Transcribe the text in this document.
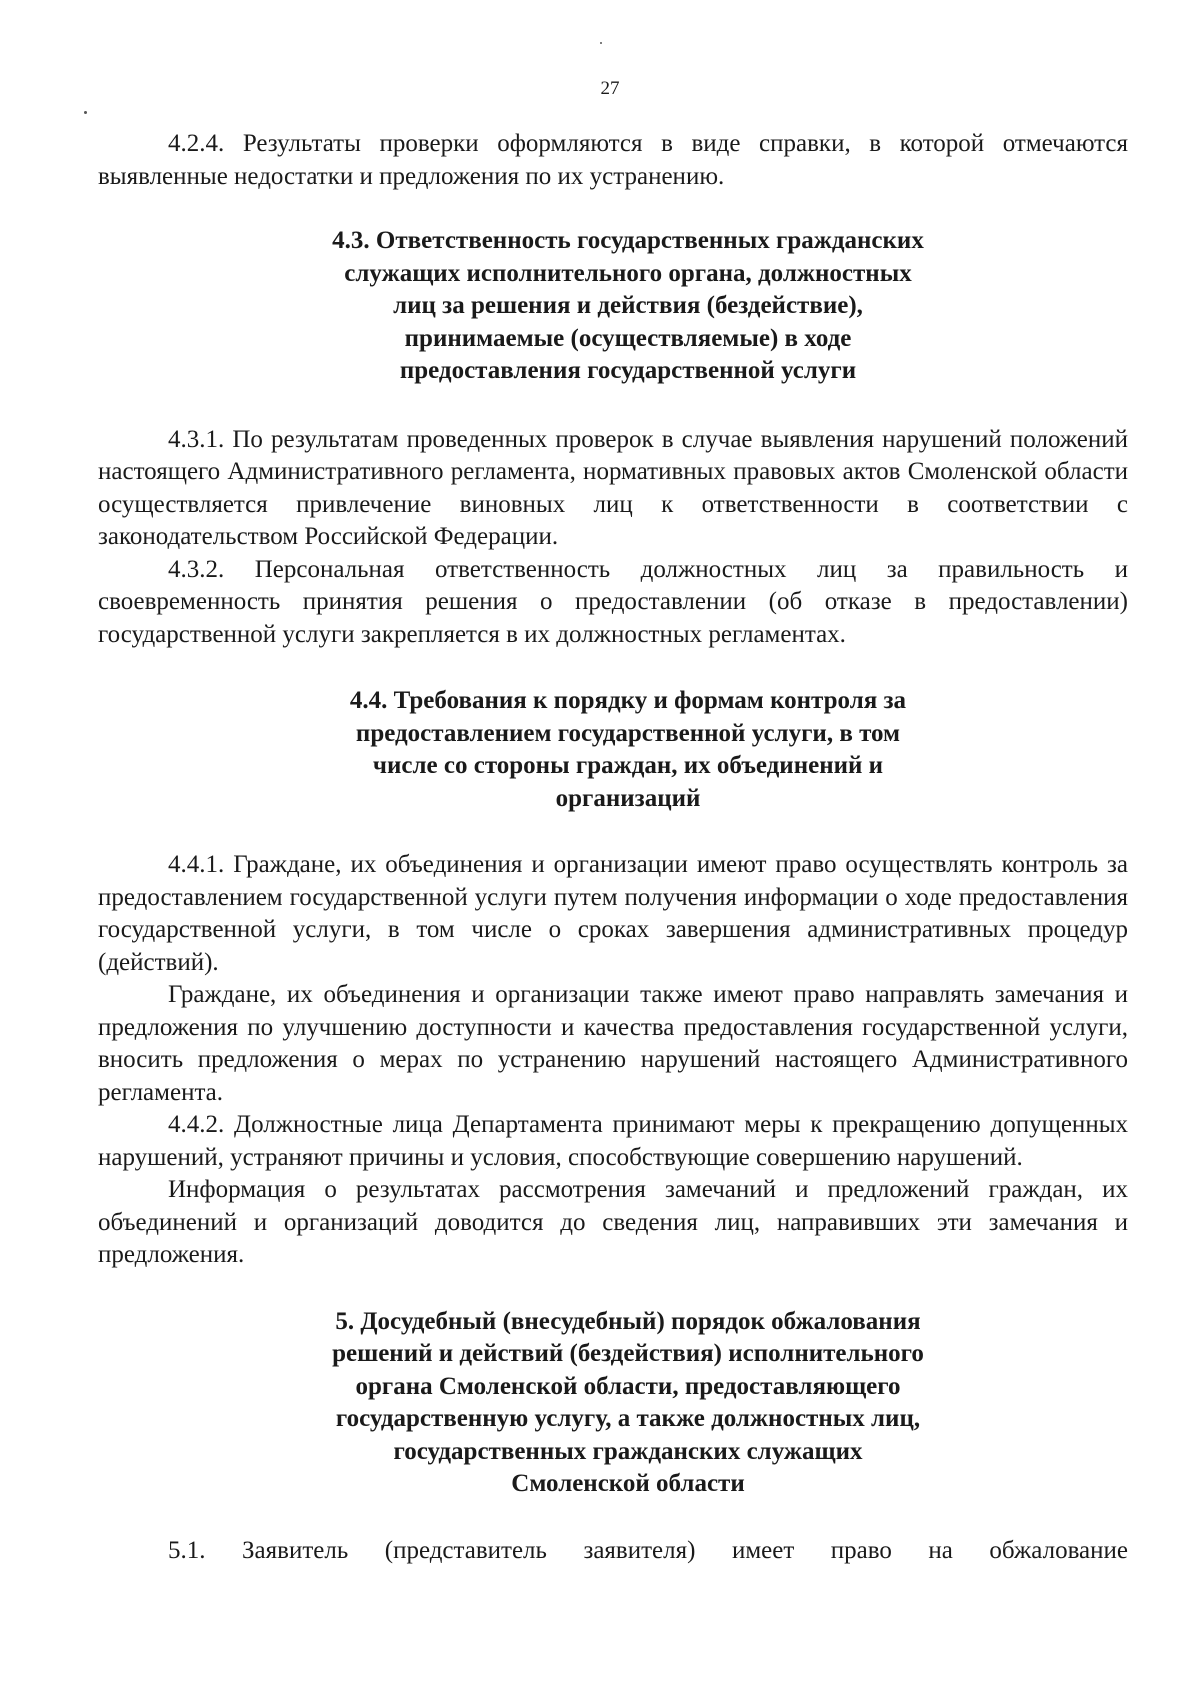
27

4.2.4. Результаты проверки оформляются в виде справки, в которой отмечаются выявленные недостатки и предложения по их устранению.

4.3. Ответственность государственных гражданских
служащих исполнительного органа, должностных
лиц за решения и действия (бездействие),
принимаемые (осуществляемые) в ходе
предоставления государственной услуги

4.3.1. По результатам проведенных проверок в случае выявления нарушений положений настоящего Административного регламента, нормативных правовых актов Смоленской области осуществляется привлечение виновных лиц к ответственности в соответствии с законодательством Российской Федерации.

4.3.2. Персональная ответственность должностных лиц за правильность и своевременность принятия решения о предоставлении (об отказе в предоставлении) государственной услуги закрепляется в их должностных регламентах.

4.4. Требования к порядку и формам контроля за
предоставлением государственной услуги, в том
числе со стороны граждан, их объединений и
организаций

4.4.1. Граждане, их объединения и организации имеют право осуществлять контроль за предоставлением государственной услуги путем получения информации о ходе предоставления государственной услуги, в том числе о сроках завершения административных процедур (действий).

Граждане, их объединения и организации также имеют право направлять замечания и предложения по улучшению доступности и качества предоставления государственной услуги, вносить предложения о мерах по устранению нарушений настоящего Административного регламента.

4.4.2. Должностные лица Департамента принимают меры к прекращению допущенных нарушений, устраняют причины и условия, способствующие совершению нарушений.

Информация о результатах рассмотрения замечаний и предложений граждан, их объединений и организаций доводится до сведения лиц, направивших эти замечания и предложения.

5. Досудебный (внесудебный) порядок обжалования
решений и действий (бездействия) исполнительного
органа Смоленской области, предоставляющего
государственную услугу, а также должностных лиц,
государственных гражданских служащих
Смоленской области

5.1. Заявитель (представитель заявителя) имеет право на обжалование
